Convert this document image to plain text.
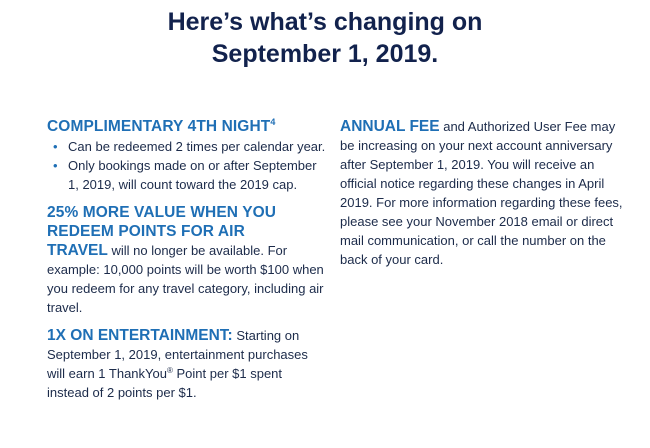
Here’s what’s changing on
September 1, 2019.
COMPLIMENTARY 4TH NIGHT$^4$
• Can be redeemed 2 times per calendar year.
• Only bookings made on or after September 1, 2019, will count toward the 2019 cap.
25% MORE VALUE WHEN YOU
REDEEM POINTS FOR AIR
TRAVEL will no longer be available. For example: 10,000 points will be worth $100 when you redeem for any travel category, including air travel.
1X ON ENTERTAINMENT: Starting on September 1, 2019, entertainment purchases will earn 1 ThankYou® Point per $1 spent instead of 2 points per $1.
ANNUAL FEE and Authorized User Fee may be increasing on your next account anniversary after September 1, 2019. You will receive an official notice regarding these changes in April 2019. For more information regarding these fees, please see your November 2018 email or direct mail communication, or call the number on the back of your card.
